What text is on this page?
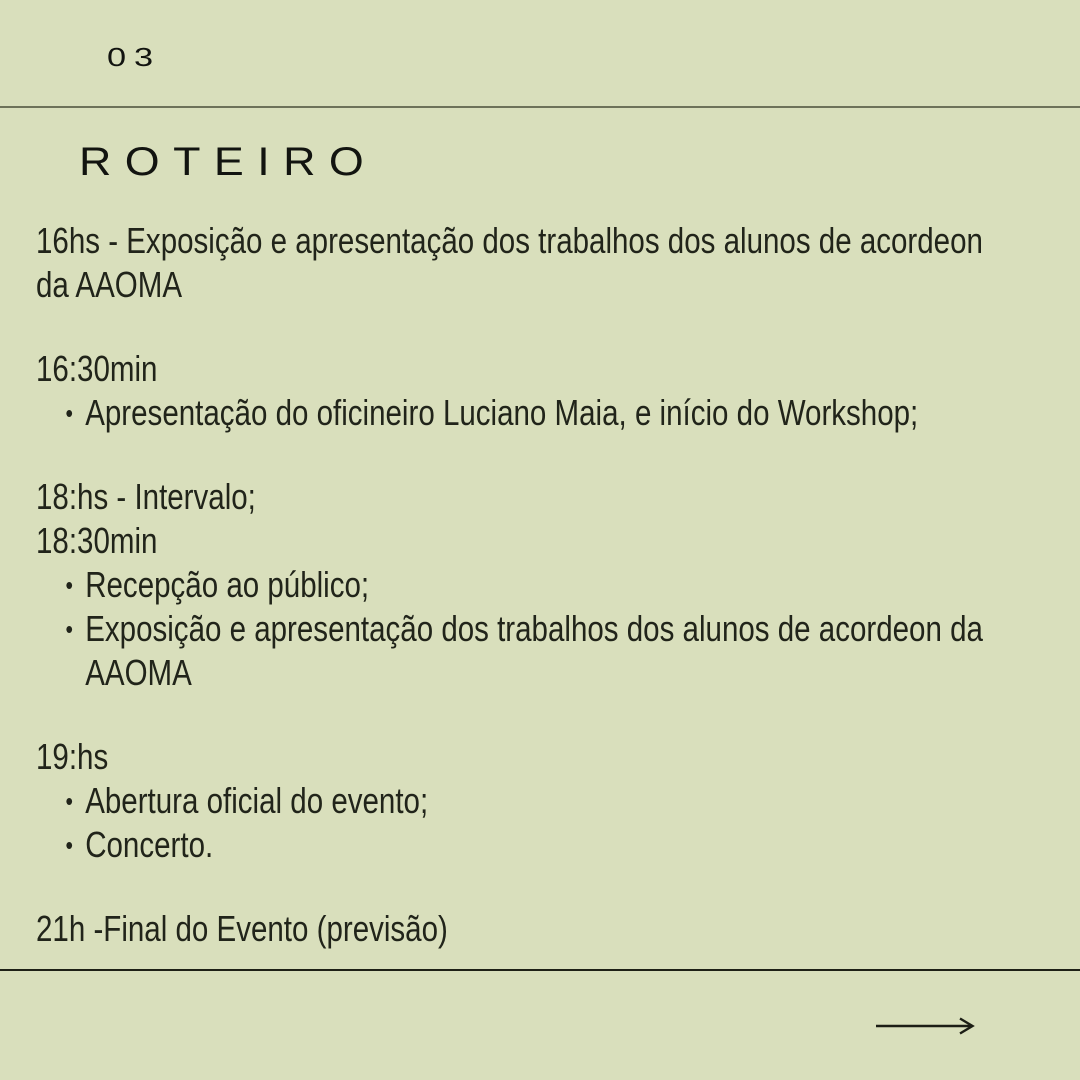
03
ROTEIRO
16hs - Exposição e apresentação dos trabalhos dos alunos de acordeon
da AAOMA
16:30min
• Apresentação do oficineiro Luciano Maia, e início do Workshop;
18:hs - Intervalo;
18:30min
• Recepção ao público;
• Exposição e apresentação dos trabalhos dos alunos de acordeon da
AAOMA
19:hs
• Abertura oficial do evento;
• Concerto.
21h -Final do Evento (previsão)
